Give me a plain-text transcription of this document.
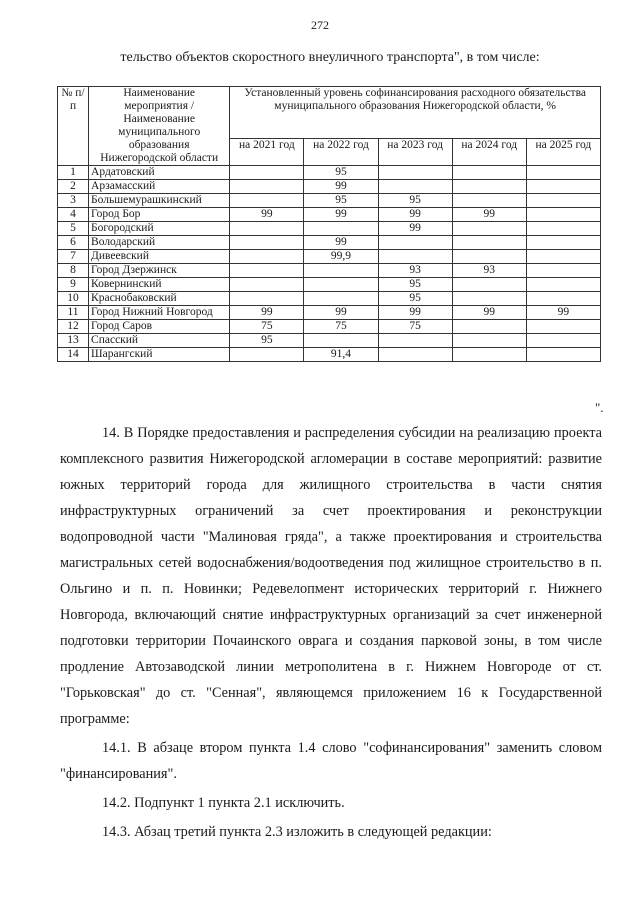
272
тельство объектов скоростного внеуличного транспорта", в том числе:
№ п/п	Наименование мероприятия / Наименование муниципального образования Нижегородской области	Установленный уровень софинансирования расходного обязательства муниципального образования Нижегородской области, %				
		на 2021 год	на 2022 год	на 2023 год	на 2024 год	на 2025 год
1	Ардатовский		95			
2	Арзамасский		99			
3	Большемурашкинский		95	95		
4	Город Бор	99	99	99	99	
5	Богородский			99		
6	Володарский		99			
7	Дивеевский		99,9			
8	Город Дзержинск			93	93	
9	Ковернинский			95		
10	Краснобаковский			95		
11	Город Нижний Новгород	99	99	99	99	99
12	Город Саров	75	75	75		
13	Спасский	95				
14	Шарангский		91,4			
".

14. В Порядке предоставления и распределения субсидии на реализацию проекта комплексного развития Нижегородской агломерации в составе мероприятий: развитие южных территорий города для жилищного строительства в части снятия инфраструктурных ограничений за счет проектирования и реконструкции водопроводной части "Малиновая гряда", а также проектирования и строительства магистральных сетей водоснабжения/водоотведения под жилищное строительство в п. Ольгино и п. п. Новинки; Редевелопмент исторических территорий г. Нижнего Новгорода, включающий снятие инфраструктурных организаций за счет инженерной подготовки территории Почаинского оврага и создания парковой зоны, в том числе продление Автозаводской линии метрополитена в г. Нижнем Новгороде от ст. "Горьковская" до ст. "Сенная", являющемся приложением 16 к Государственной программе:

14.1. В абзаце втором пункта 1.4 слово "софинансирования" заменить словом "финансирования".

14.2. Подпункт 1 пункта 2.1 исключить.

14.3. Абзац третий пункта 2.3 изложить в следующей редакции:
